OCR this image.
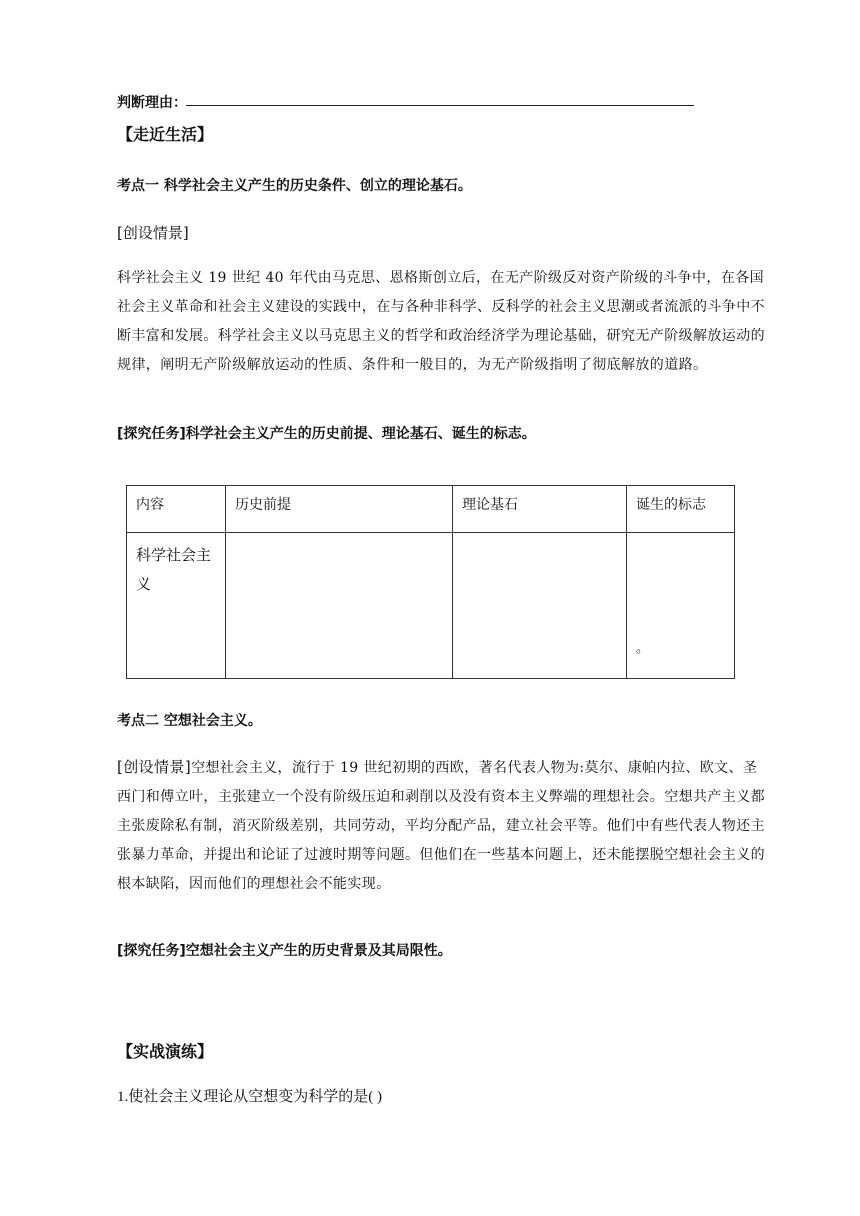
判断理由：
【走近生活】
考点一 科学社会主义产生的历史条件、创立的理论基石。
[创设情景]
科学社会主义 19 世纪 40 年代由马克思、恩格斯创立后，在无产阶级反对资产阶级的斗争中，在各国社会主义革命和社会主义建设的实践中，在与各种非科学、反科学的社会主义思潮或者流派的斗争中不断丰富和发展。科学社会主义以马克思主义的哲学和政治经济学为理论基础，研究无产阶级解放运动的规律，阐明无产阶级解放运动的性质、条件和一般目的，为无产阶级指明了彻底解放的道路。
[探究任务]科学社会主义产生的历史前提、理论基石、诞生的标志。
内容	历史前提	理论基石	诞生的标志

科学社会主义			。
考点二 空想社会主义。
[创设情景]空想社会主义，流行于 19 世纪初期的西欧，著名代表人物为:莫尔、康帕内拉、欧文、圣西门和傅立叶，主张建立一个没有阶级压迫和剥削以及没有资本主义弊端的理想社会。空想共产主义都主张废除私有制，消灭阶级差别，共同劳动，平均分配产品，建立社会平等。他们中有些代表人物还主张暴力革命，并提出和论证了过渡时期等问题。但他们在一些基本问题上，还未能摆脱空想社会主义的根本缺陷，因而他们的理想社会不能实现。
[探究任务]空想社会主义产生的历史背景及其局限性。
【实战演练】
1.使社会主义理论从空想变为科学的是( )
